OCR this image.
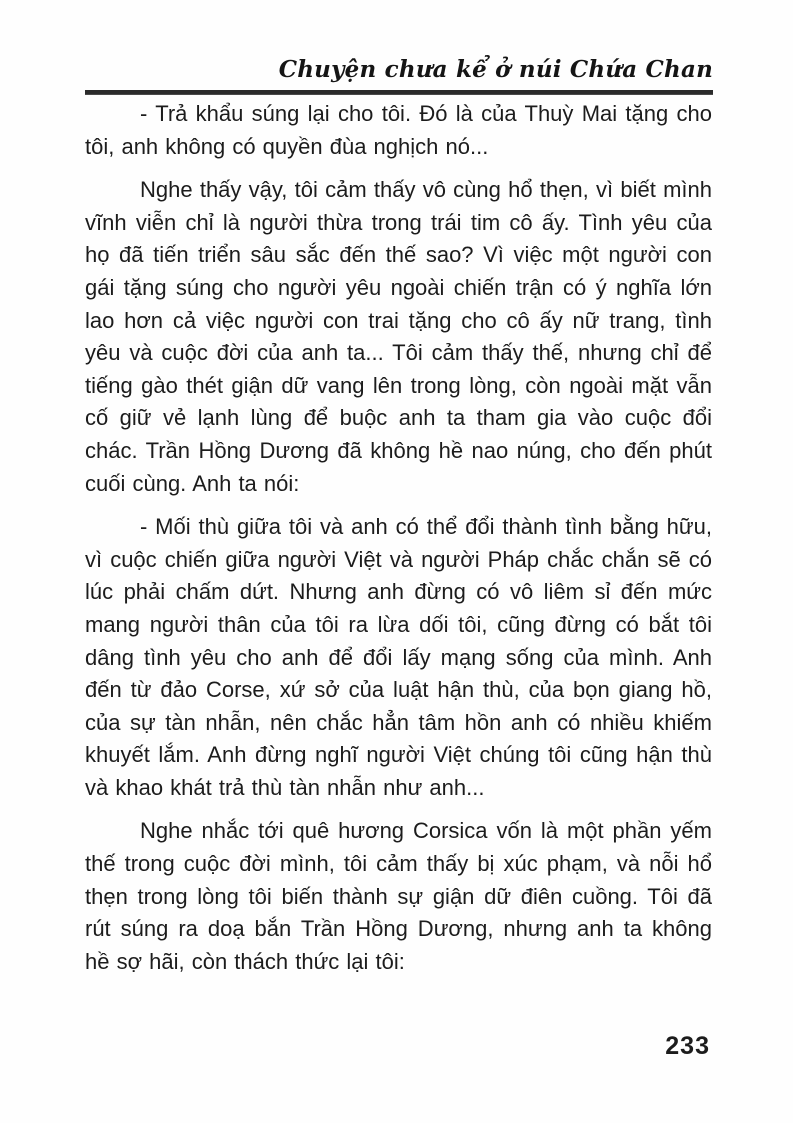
Chuyện chưa kể ở núi Chứa Chan

- Trả khẩu súng lại cho tôi. Đó là của Thuỳ Mai tặng cho tôi, anh không có quyền đùa nghịch nó...

Nghe thấy vậy, tôi cảm thấy vô cùng hổ thẹn, vì biết mình vĩnh viễn chỉ là người thừa trong trái tim cô ấy. Tình yêu của họ đã tiến triển sâu sắc đến thế sao? Vì việc một người con gái tặng súng cho người yêu ngoài chiến trận có ý nghĩa lớn lao hơn cả việc người con trai tặng cho cô ấy nữ trang, tình yêu và cuộc đời của anh ta... Tôi cảm thấy thế, nhưng chỉ để tiếng gào thét giận dữ vang lên trong lòng, còn ngoài mặt vẫn cố giữ vẻ lạnh lùng để buộc anh ta tham gia vào cuộc đổi chác. Trần Hồng Dương đã không hề nao núng, cho đến phút cuối cùng. Anh ta nói:

- Mối thù giữa tôi và anh có thể đổi thành tình bằng hữu, vì cuộc chiến giữa người Việt và người Pháp chắc chắn sẽ có lúc phải chấm dứt. Nhưng anh đừng có vô liêm sỉ đến mức mang người thân của tôi ra lừa dối tôi, cũng đừng có bắt tôi dâng tình yêu cho anh để đổi lấy mạng sống của mình. Anh đến từ đảo Corse, xứ sở của luật hận thù, của bọn giang hồ, của sự tàn nhẫn, nên chắc hẳn tâm hồn anh có nhiều khiếm khuyết lắm. Anh đừng nghĩ người Việt chúng tôi cũng hận thù và khao khát trả thù tàn nhẫn như anh...

Nghe nhắc tới quê hương Corsica vốn là một phần yếm thế trong cuộc đời mình, tôi cảm thấy bị xúc phạm, và nỗi hổ thẹn trong lòng tôi biến thành sự giận dữ điên cuồng. Tôi đã rút súng ra doạ bắn Trần Hồng Dương, nhưng anh ta không hề sợ hãi, còn thách thức lại tôi:

233
